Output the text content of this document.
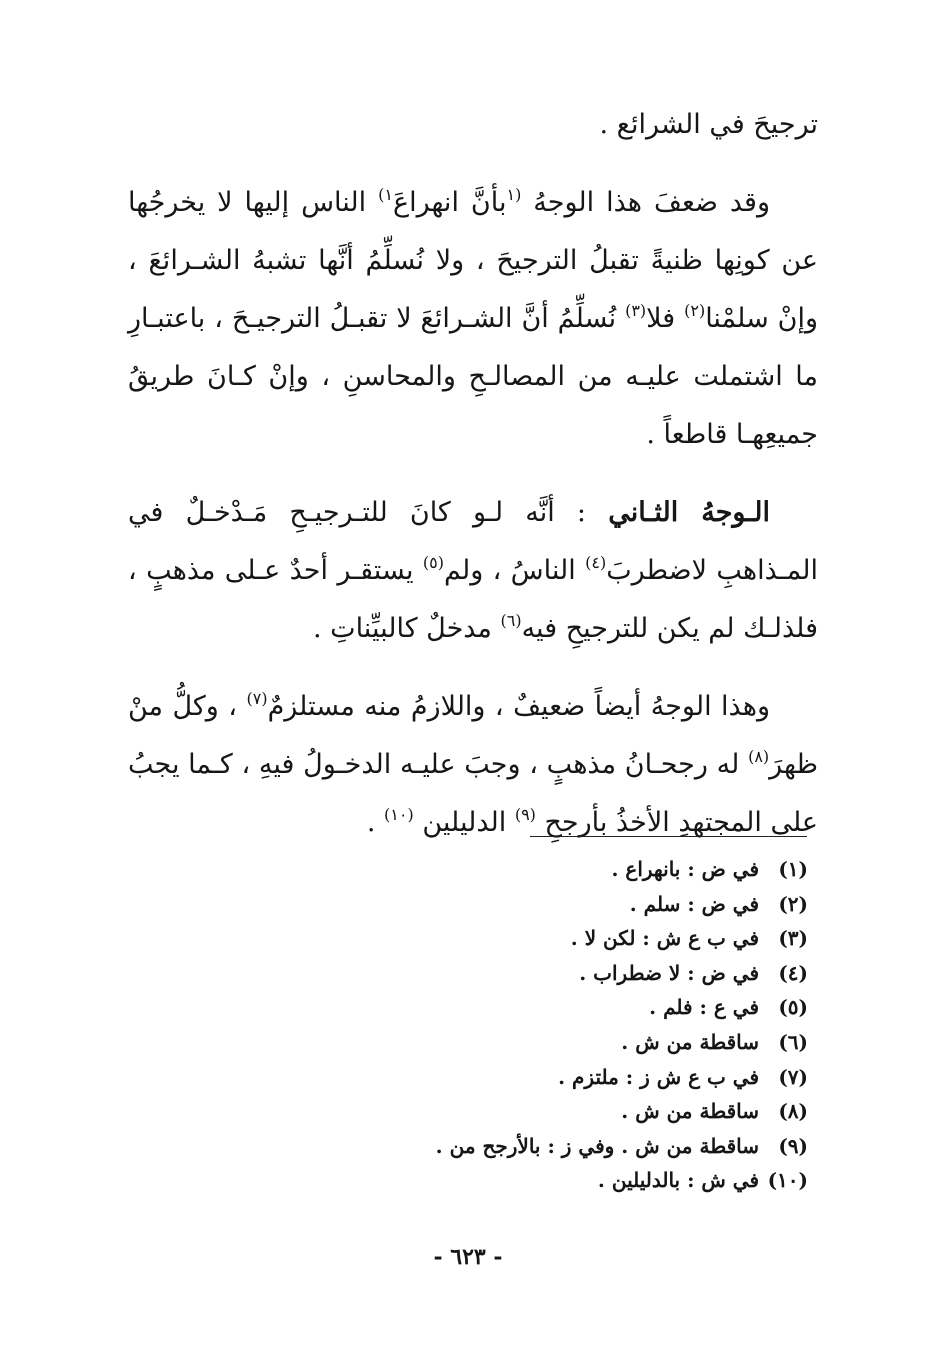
ترجيحَ في الشرائع .

وقد ضعفَ هذا الوجهُ $^{(١}$بأنَّ انهراعَ$^{١)}$ الناس إليها لا يخرجُها عن كونِها ظنيةً تقبلُ الترجيحَ ، ولا نُسلِّمُ أنَّها تشبهُ الشـرائعَ ، وإنْ سلمْنا$^{(٢)}$ فلا$^{(٣)}$ نُسلِّمُ أنَّ الشـرائعَ لا تقبـلُ الترجيـحَ ، باعتبـارِ ما اشتملت عليـه من المصالـحِ والمحاسنِ ، وإنْ كـانَ طريقُ جميعِهـا قاطعاً .

الـوجهُ الثـاني : أنَّه لـو كانَ للتـرجيـحِ مَـدْخـلٌ في المـذاهبِ لاضطربَ$^{(٤)}$ الناسُ ، ولم$^{(٥)}$ يستقـر أحدٌ عـلى مذهبٍ ، فلذلـك لم يكن للترجيحِ فيه$^{(٦)}$ مدخلٌ كالبيِّناتِ .

وهذا الوجهُ أيضاً ضعيفٌ ، واللازمُ منه مستلزمٌ$^{(٧)}$ ، وكلُّ منْ ظهرَ$^{(٨)}$ له رجحـانُ مذهبٍ ، وجبَ عليـه الدخـولُ فيهِ ، كـما يجبُ على المجتهدِ الأخذُ بأرجحِ $^{(٩)}$ الدليلين $^{(١٠)}$ .

(١) في ض : بانهراع .
(٢) في ض : سلم .
(٣) في ب ع ش : لكن لا .
(٤) في ض : لا ضطراب .
(٥) في ع : فلم .
(٦) ساقطة من ش .
(٧) في ب ع ش ز : ملتزم .
(٨) ساقطة من ش .
(٩) ساقطة من ش . وفي ز : بالأرجح من .
(١٠) في ش : بالدليلين .
- ٦٢٣ -
